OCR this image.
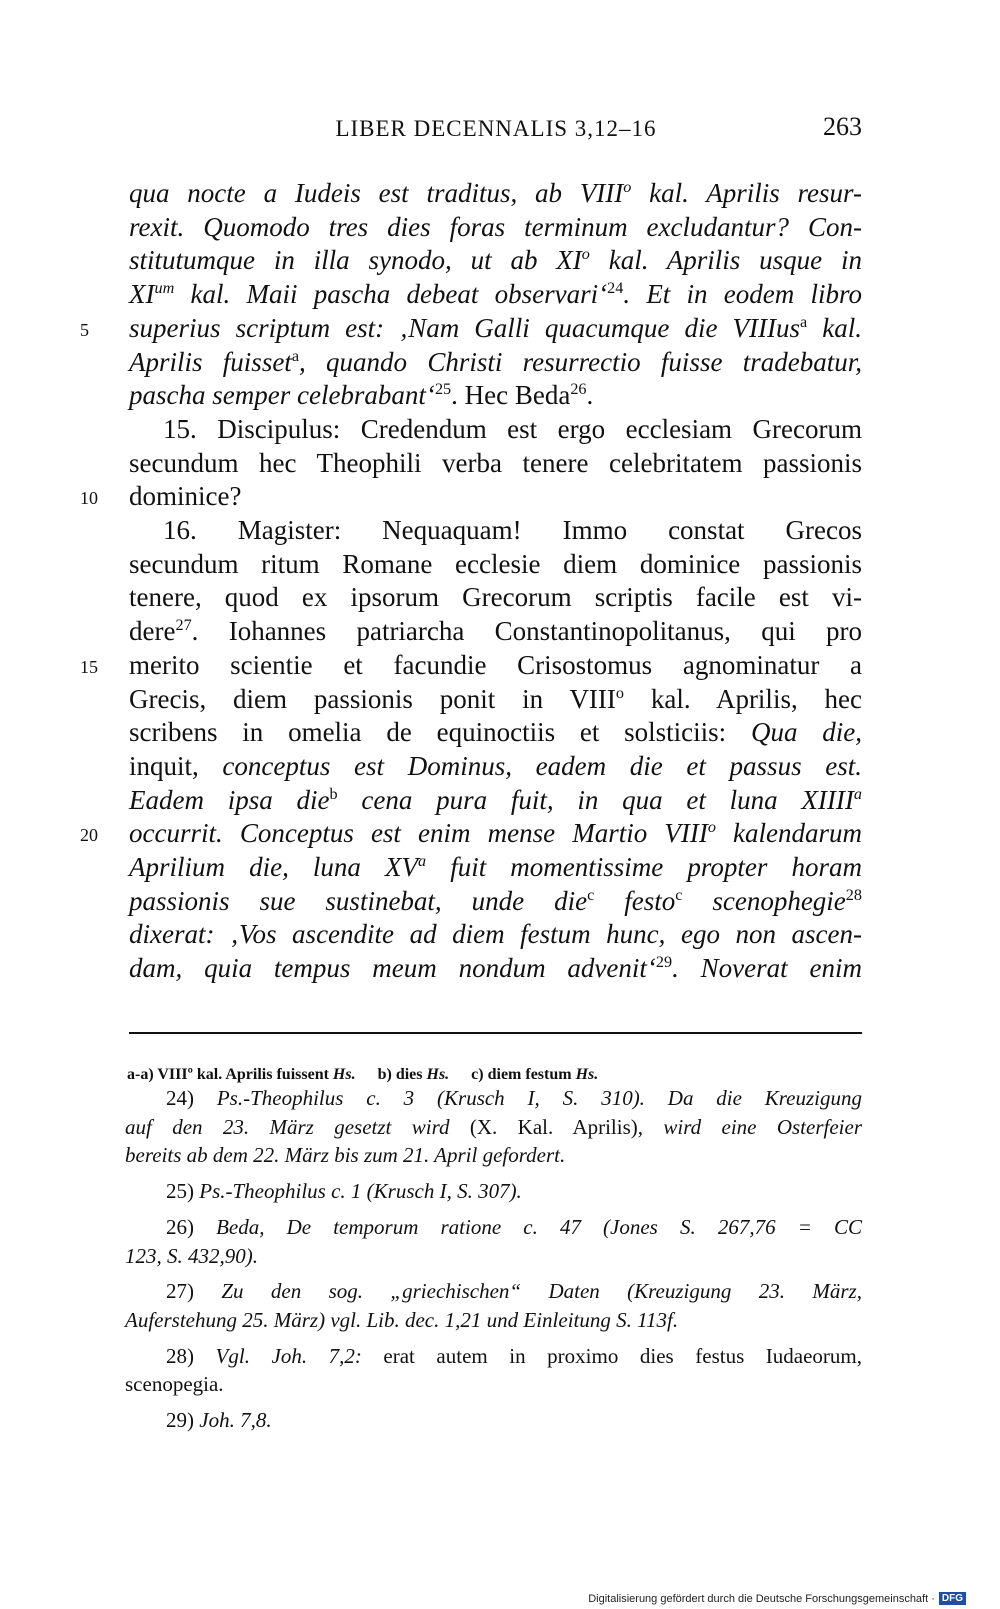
LIBER DECENNALIS 3,12–16	263
qua nocte a Iudeis est traditus, ab VIII$^o$ kal. Aprilis resur-
rexit. Quomodo tres dies foras terminum excludantur? Con-
stitutumque in illa synodo, ut ab $XI^o$ kal. Aprilis usque in
$XI^{um}$ kal. Maii pascha debeat observari‘$^{24}$. Et in eodem libro
superius scriptum est: ‚Nam Galli quacumque die VIIIus$^a$ kal.
5
Aprilis fuisset$^a$, quando Christi resurrectio fuisse tradebatur,
pascha semper celebrabant‘$^{25}$. Hec Beda$^{26}$.
15. Discipulus: Credendum est ergo ecclesiam Grecorum
secundum hec Theophili verba tenere celebritatem passionis
dominice?
10
16. Magister: Nequaquam! Immo constat Grecos
secundum ritum Romane ecclesie diem dominice passionis
tenere, quod ex ipsorum Grecorum scriptis facile est vi-
dere$^{27}$. Iohannes patriarcha Constantinopolitanus, qui pro
merito scientie et facundie Crisostomus agnominatur a
15
Grecis, diem passionis ponit in VIII$^o$ kal. Aprilis, hec
scribens in omelia de equinoctiis et solsticiis: Qua die,
inquit, conceptus est Dominus, eadem die et passus est.
Eadem ipsa die$^b$ cena pura fuit, in qua et luna XIIII$^a$
occurrit. Conceptus est enim mense Martio VIII$^o$ kalendarum
20
Aprilium die, luna $XV^a$ fuit momentissime propter horam
passionis sue sustinebat, unde die$^c$ festo$^c$ scenophegie$^{28}$
dixerat: ‚Vos ascendite ad diem festum hunc, ego non ascen-
dam, quia tempus meum nondum advenit‘$^{29}$. Noverat enim
a-a) VIIIº kal. Aprilis fuissent Hs. b) dies Hs. c) diem festum Hs.
24) Ps.-Theophilus c. 3 (Krusch I, S. 310). Da die Kreuzigung
auf den 23. März gesetzt wird (X. Kal. Aprilis), wird eine Osterfeier
bereits ab dem 22. März bis zum 21. April gefordert.
25) Ps.-Theophilus c. 1 (Krusch I, S. 307).
26) Beda, De temporum ratione c. 47 (Jones S. 267,76 = CC
123, S. 432,90).
27) Zu den sog. „griechischen“ Daten (Kreuzigung 23. März,
Auferstehung 25. März) vgl. Lib. dec. 1,21 und Einleitung S. 113f.
28) Vgl. Joh. 7,2: erat autem in proximo dies festus Iudaeorum,
scenopegia.
29) Joh. 7,8.
Digitalisierung gefördert durch die Deutsche Forschungsgemeinschaft · DFG
